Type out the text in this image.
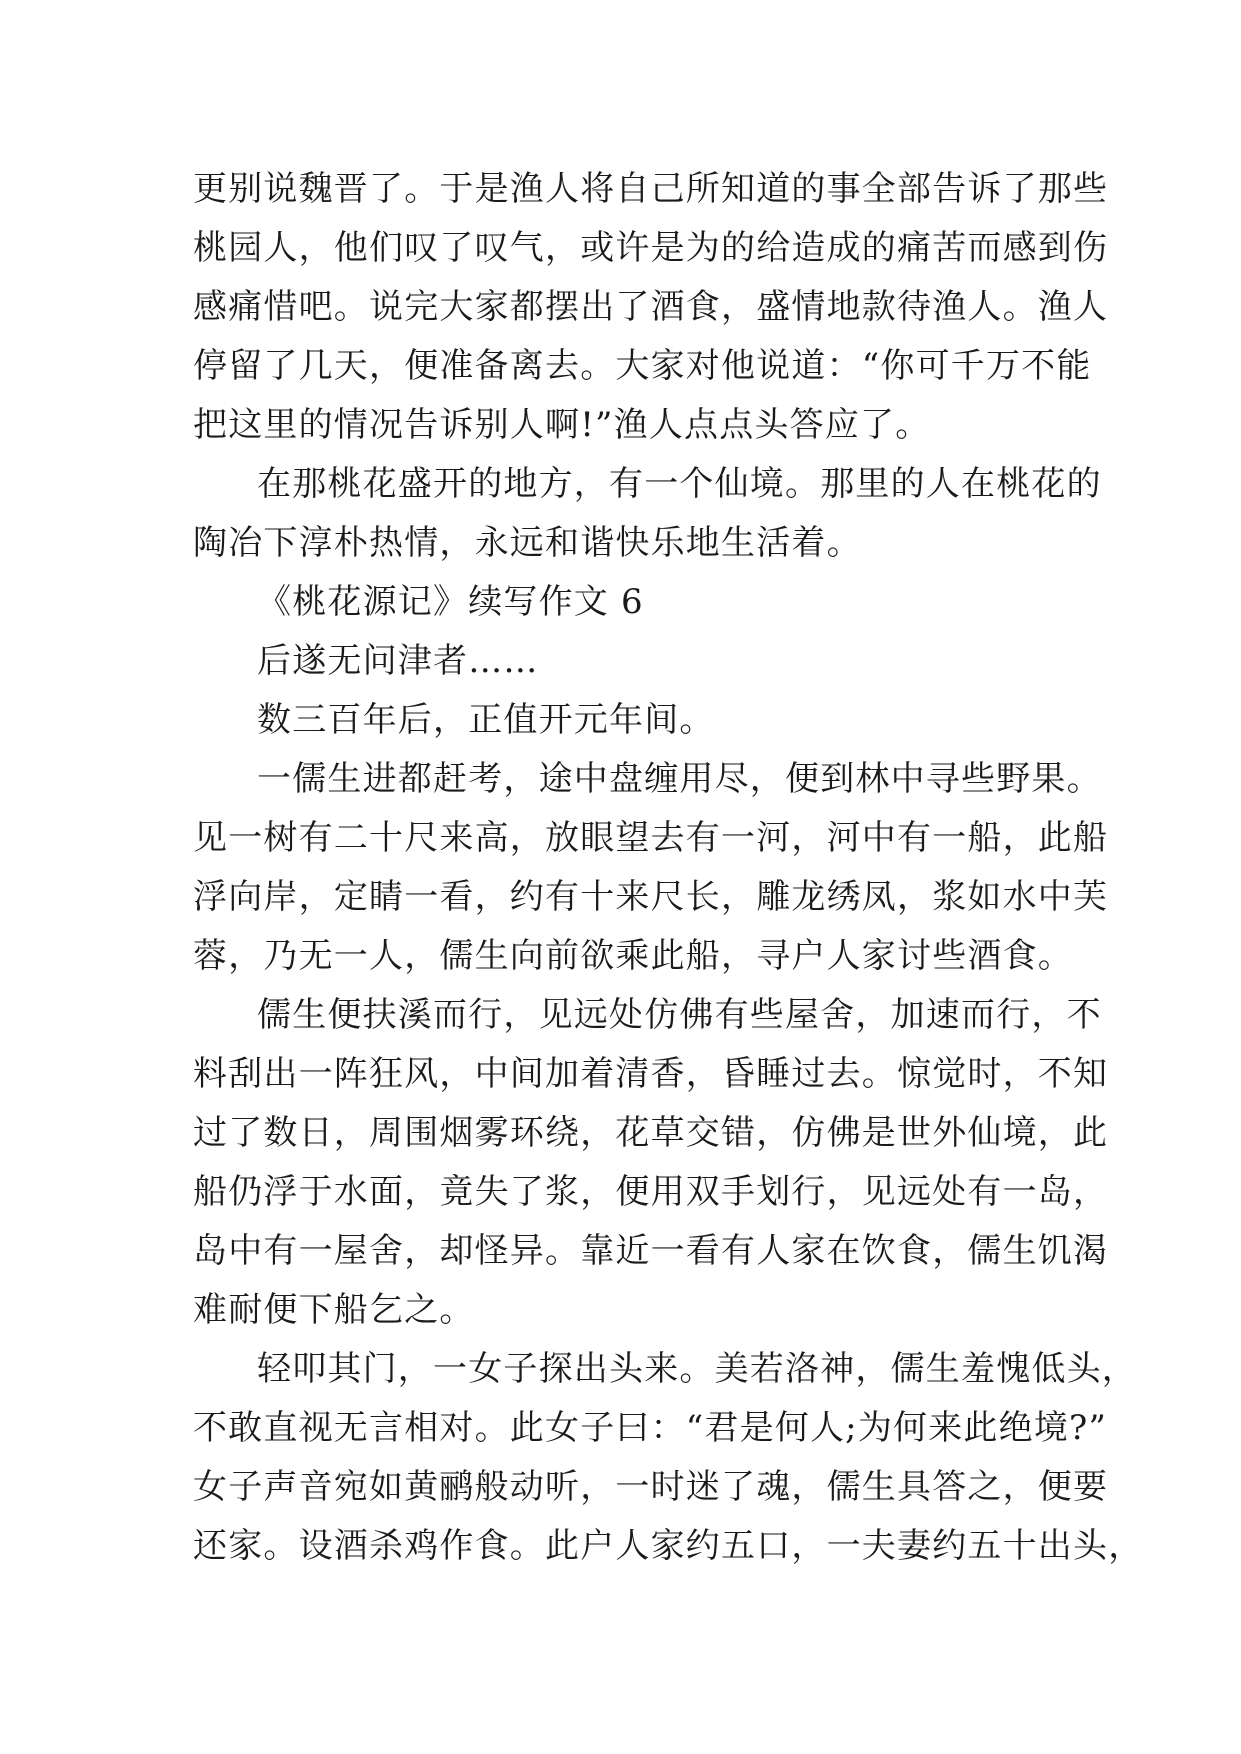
更别说魏晋了。于是渔人将自己所知道的事全部告诉了那些
桃园人，他们叹了叹气，或许是为的给造成的痛苦而感到伤
感痛惜吧。说完大家都摆出了酒食，盛情地款待渔人。渔人
停留了几天，便准备离去。大家对他说道：“你可千万不能
把这里的情况告诉别人啊!”渔人点点头答应了。
在那桃花盛开的地方，有一个仙境。那里的人在桃花的
陶冶下淳朴热情，永远和谐快乐地生活着。
《桃花源记》续写作文 6
后遂无问津者……
数三百年后，正值开元年间。
一儒生进都赶考，途中盘缠用尽，便到林中寻些野果。
见一树有二十尺来高，放眼望去有一河，河中有一船，此船
浮向岸，定睛一看，约有十来尺长，雕龙绣凤，浆如水中芙
蓉，乃无一人，儒生向前欲乘此船，寻户人家讨些酒食。
儒生便扶溪而行，见远处仿佛有些屋舍，加速而行，不
料刮出一阵狂风，中间加着清香，昏睡过去。惊觉时，不知
过了数日，周围烟雾环绕，花草交错，仿佛是世外仙境，此
船仍浮于水面，竟失了浆，便用双手划行，见远处有一岛，
岛中有一屋舍，却怪异。靠近一看有人家在饮食，儒生饥渴
难耐便下船乞之。
轻叩其门，一女子探出头来。美若洛神，儒生羞愧低头，
不敢直视无言相对。此女子曰：“君是何人;为何来此绝境?”
女子声音宛如黄鹂般动听，一时迷了魂，儒生具答之，便要
还家。设酒杀鸡作食。此户人家约五口，一夫妻约五十出头，
